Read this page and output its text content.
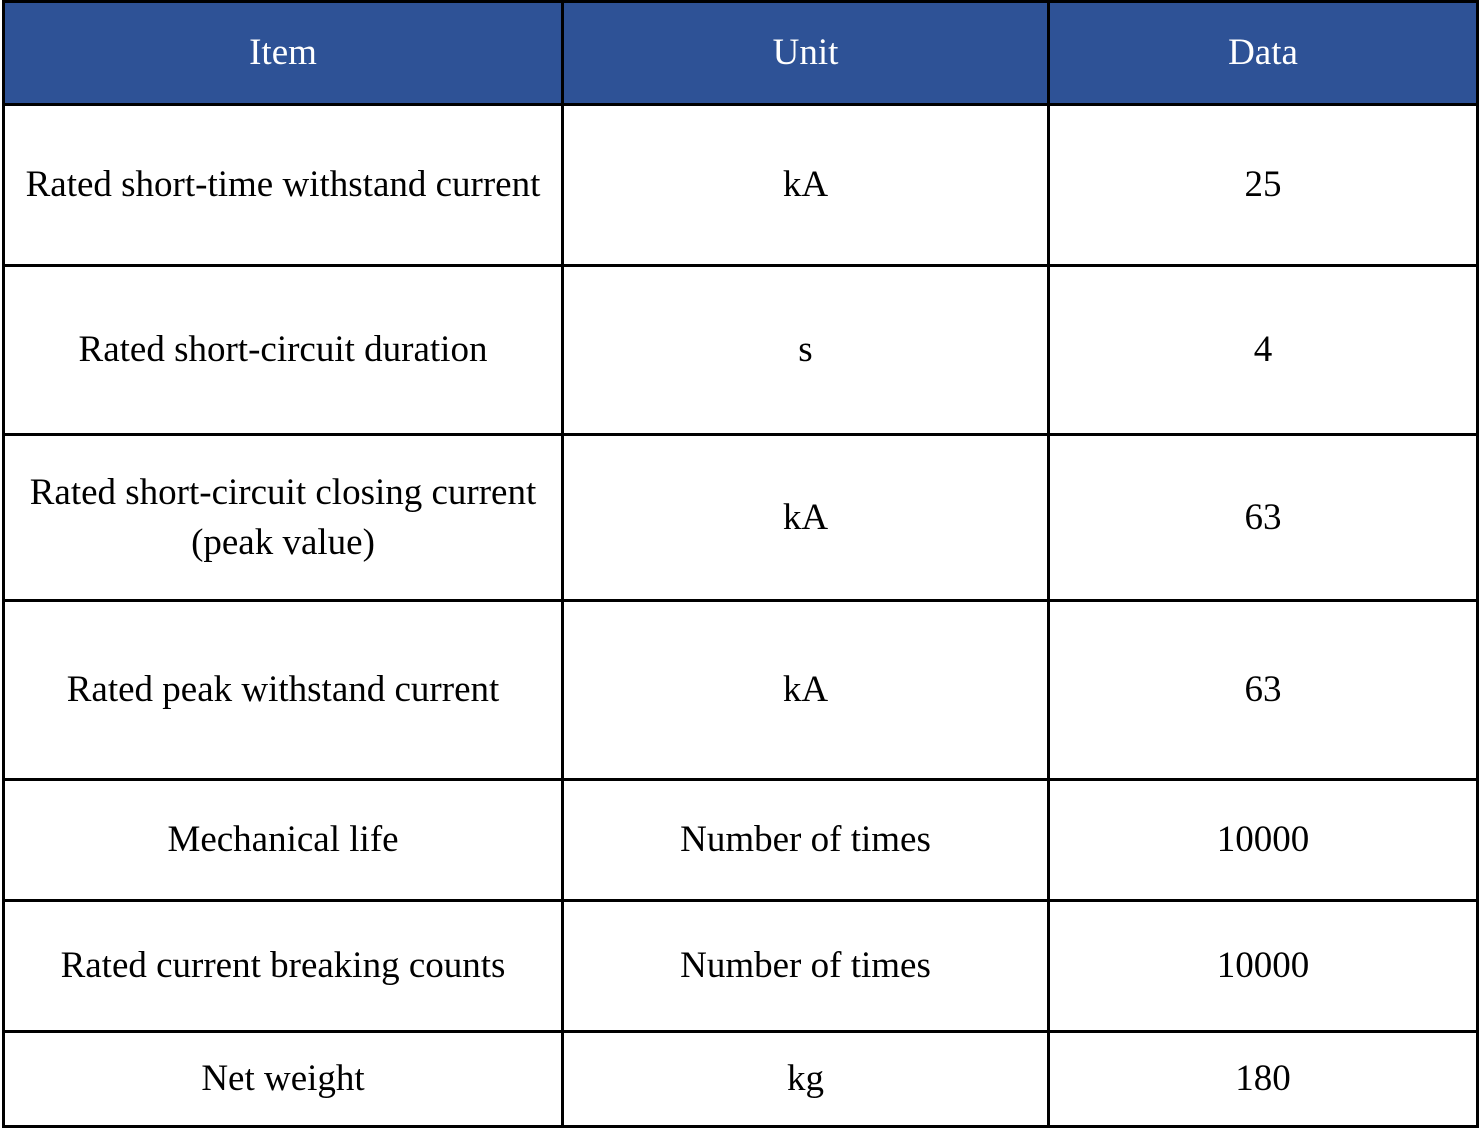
Item	Unit	Data
Rated short-time withstand current	kA	25
Rated short-circuit duration	s	4
Rated short-circuit closing current (peak value)	kA	63
Rated peak withstand current	kA	63
Mechanical life	Number of times	10000
Rated current breaking counts	Number of times	10000
Net weight	kg	180
